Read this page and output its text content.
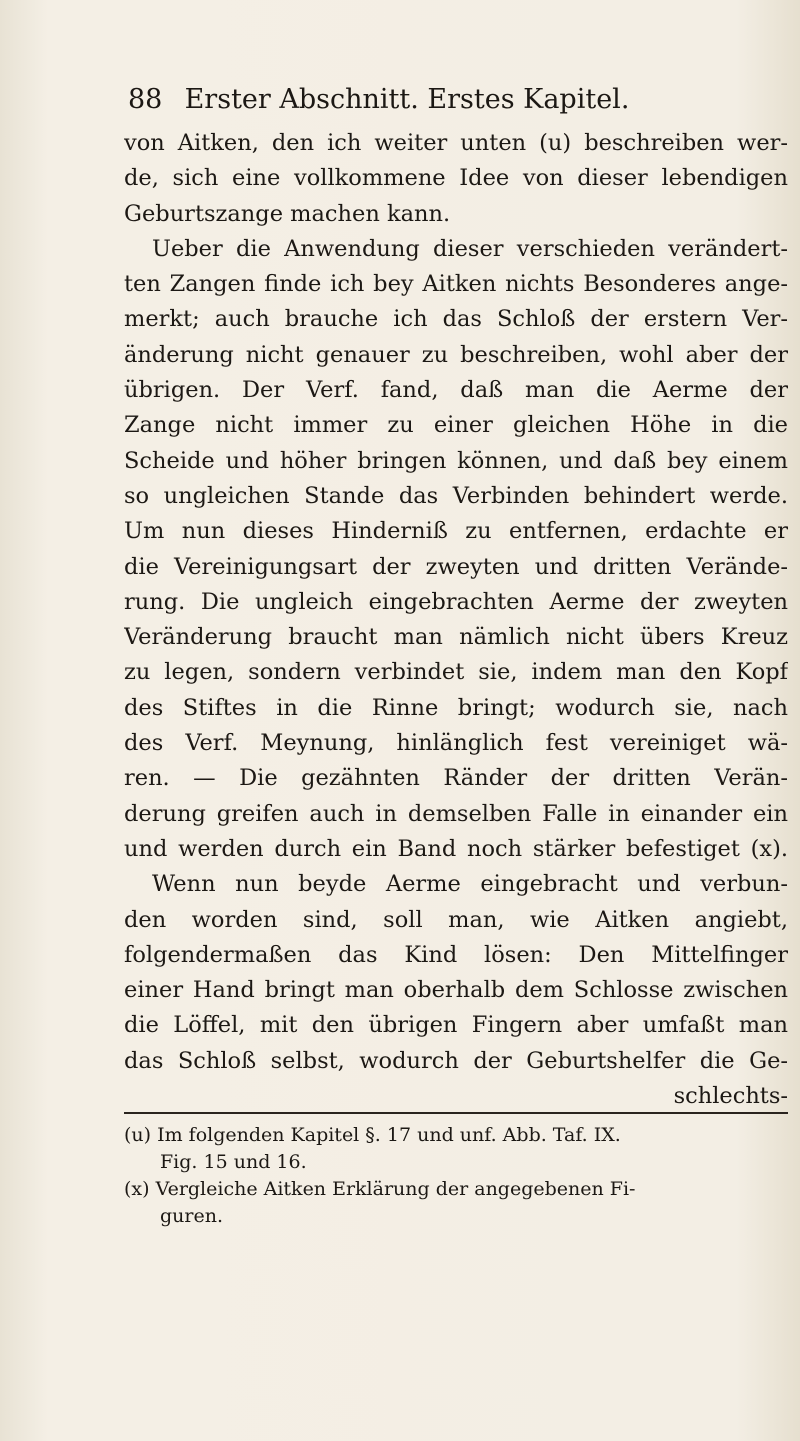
88 Erster Abschnitt. Erstes Kapitel.
von Aitken, den ich weiter unten (u) beschreiben wer-
de, sich eine vollkommene Idee von dieser lebendigen
Geburtszange machen kann.
Ueber die Anwendung dieser verschieden verändert-
ten Zangen finde ich bey Aitken nichts Besonderes ange-
merkt; auch brauche ich das Schloß der erstern Ver-
änderung nicht genauer zu beschreiben, wohl aber der
übrigen. Der Verf. fand, daß man die Aerme der
Zange nicht immer zu einer gleichen Höhe in die
Scheide und höher bringen können, und daß bey einem
so ungleichen Stande das Verbinden behindert werde.
Um nun dieses Hinderniß zu entfernen, erdachte er
die Vereinigungsart der zweyten und dritten Verände-
rung. Die ungleich eingebrachten Aerme der zweyten
Veränderung braucht man nämlich nicht übers Kreuz
zu legen, sondern verbindet sie, indem man den Kopf
des Stiftes in die Rinne bringt; wodurch sie, nach
des Verf. Meynung, hinlänglich fest vereiniget wä-
ren. — Die gezähnten Ränder der dritten Verän-
derung greifen auch in demselben Falle in einander ein
und werden durch ein Band noch stärker befestiget (x).
Wenn nun beyde Aerme eingebracht und verbun-
den worden sind, soll man, wie Aitken angiebt,
folgendermaßen das Kind lösen: Den Mittelfinger
einer Hand bringt man oberhalb dem Schlosse zwischen
die Löffel, mit den übrigen Fingern aber umfaßt man
das Schloß selbst, wodurch der Geburtshelfer die Ge-
schlechts-
(u) Im folgenden Kapitel §. 17 und unf. Abb. Taf. IX.
Fig. 15 und 16.
(x) Vergleiche Aitken Erklärung der angegebenen Fi-
guren.
